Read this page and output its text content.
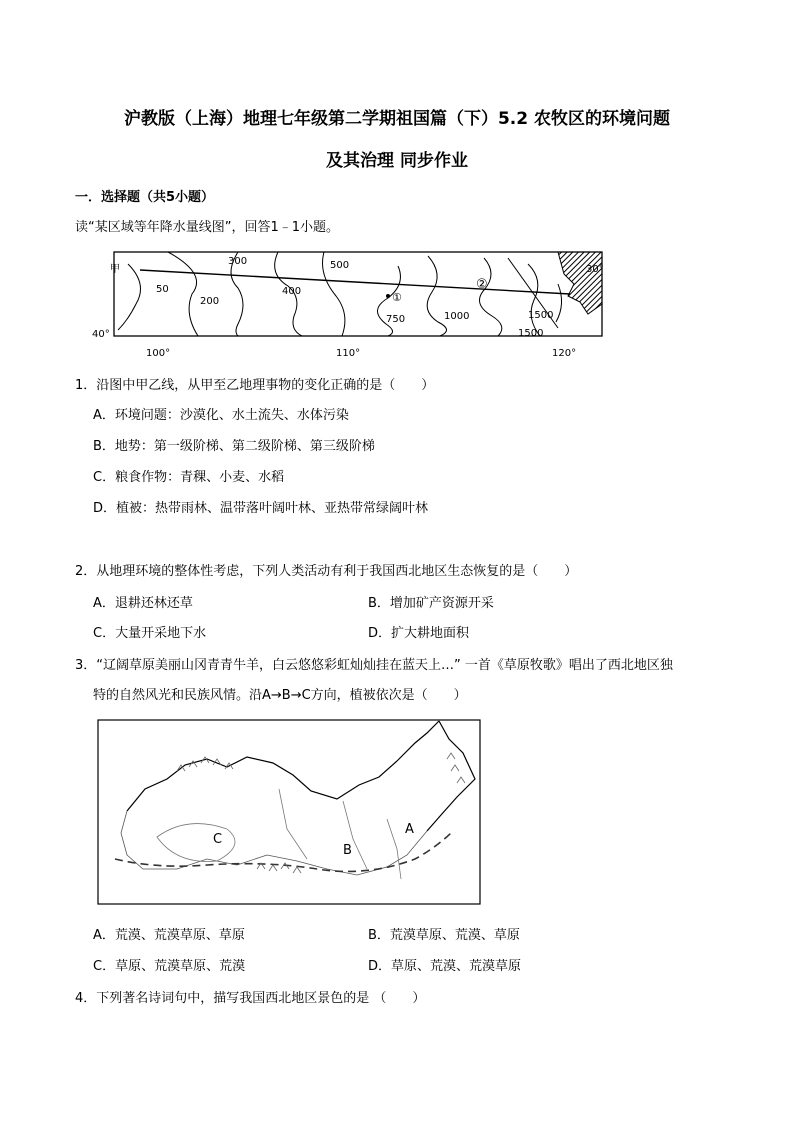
沪教版（上海）地理七年级第二学期祖国篇（下）5.2 农牧区的环境问题
及其治理 同步作业
一．选择题（共5小题）
读“某区域等年降水量线图”，回答1﹣1小题。
甲
①
②
50
200
300
400
500
750	1000	1500
1500
30°
40°
100°	110°	120°
1．沿图中甲乙线，从甲至乙地理事物的变化正确的是（　　）
A．环境问题：沙漠化、水土流失、水体污染
B．地势：第一级阶梯、第二级阶梯、第三级阶梯
C．粮食作物：青稞、小麦、水稻
D．植被：热带雨林、温带落叶阔叶林、亚热带常绿阔叶林
2．从地理环境的整体性考虑，下列人类活动有利于我国西北地区生态恢复的是（　　）
A．退耕还林还草	B．增加矿产资源开采
C．大量开采地下水	D．扩大耕地面积
3．“辽阔草原美丽山冈青青牛羊，白云悠悠彩虹灿灿挂在蓝天上…” 一首《草原牧歌》唱出了西北地区独
特的自然风光和民族风情。沿A→B→C方向，植被依次是（　　）
A
B
C
A．荒漠、荒漠草原、草原	B．荒漠草原、荒漠、草原
C．草原、荒漠草原、荒漠	D．草原、荒漠、荒漠草原
4．下列著名诗词句中，描写我国西北地区景色的是 （　　）
